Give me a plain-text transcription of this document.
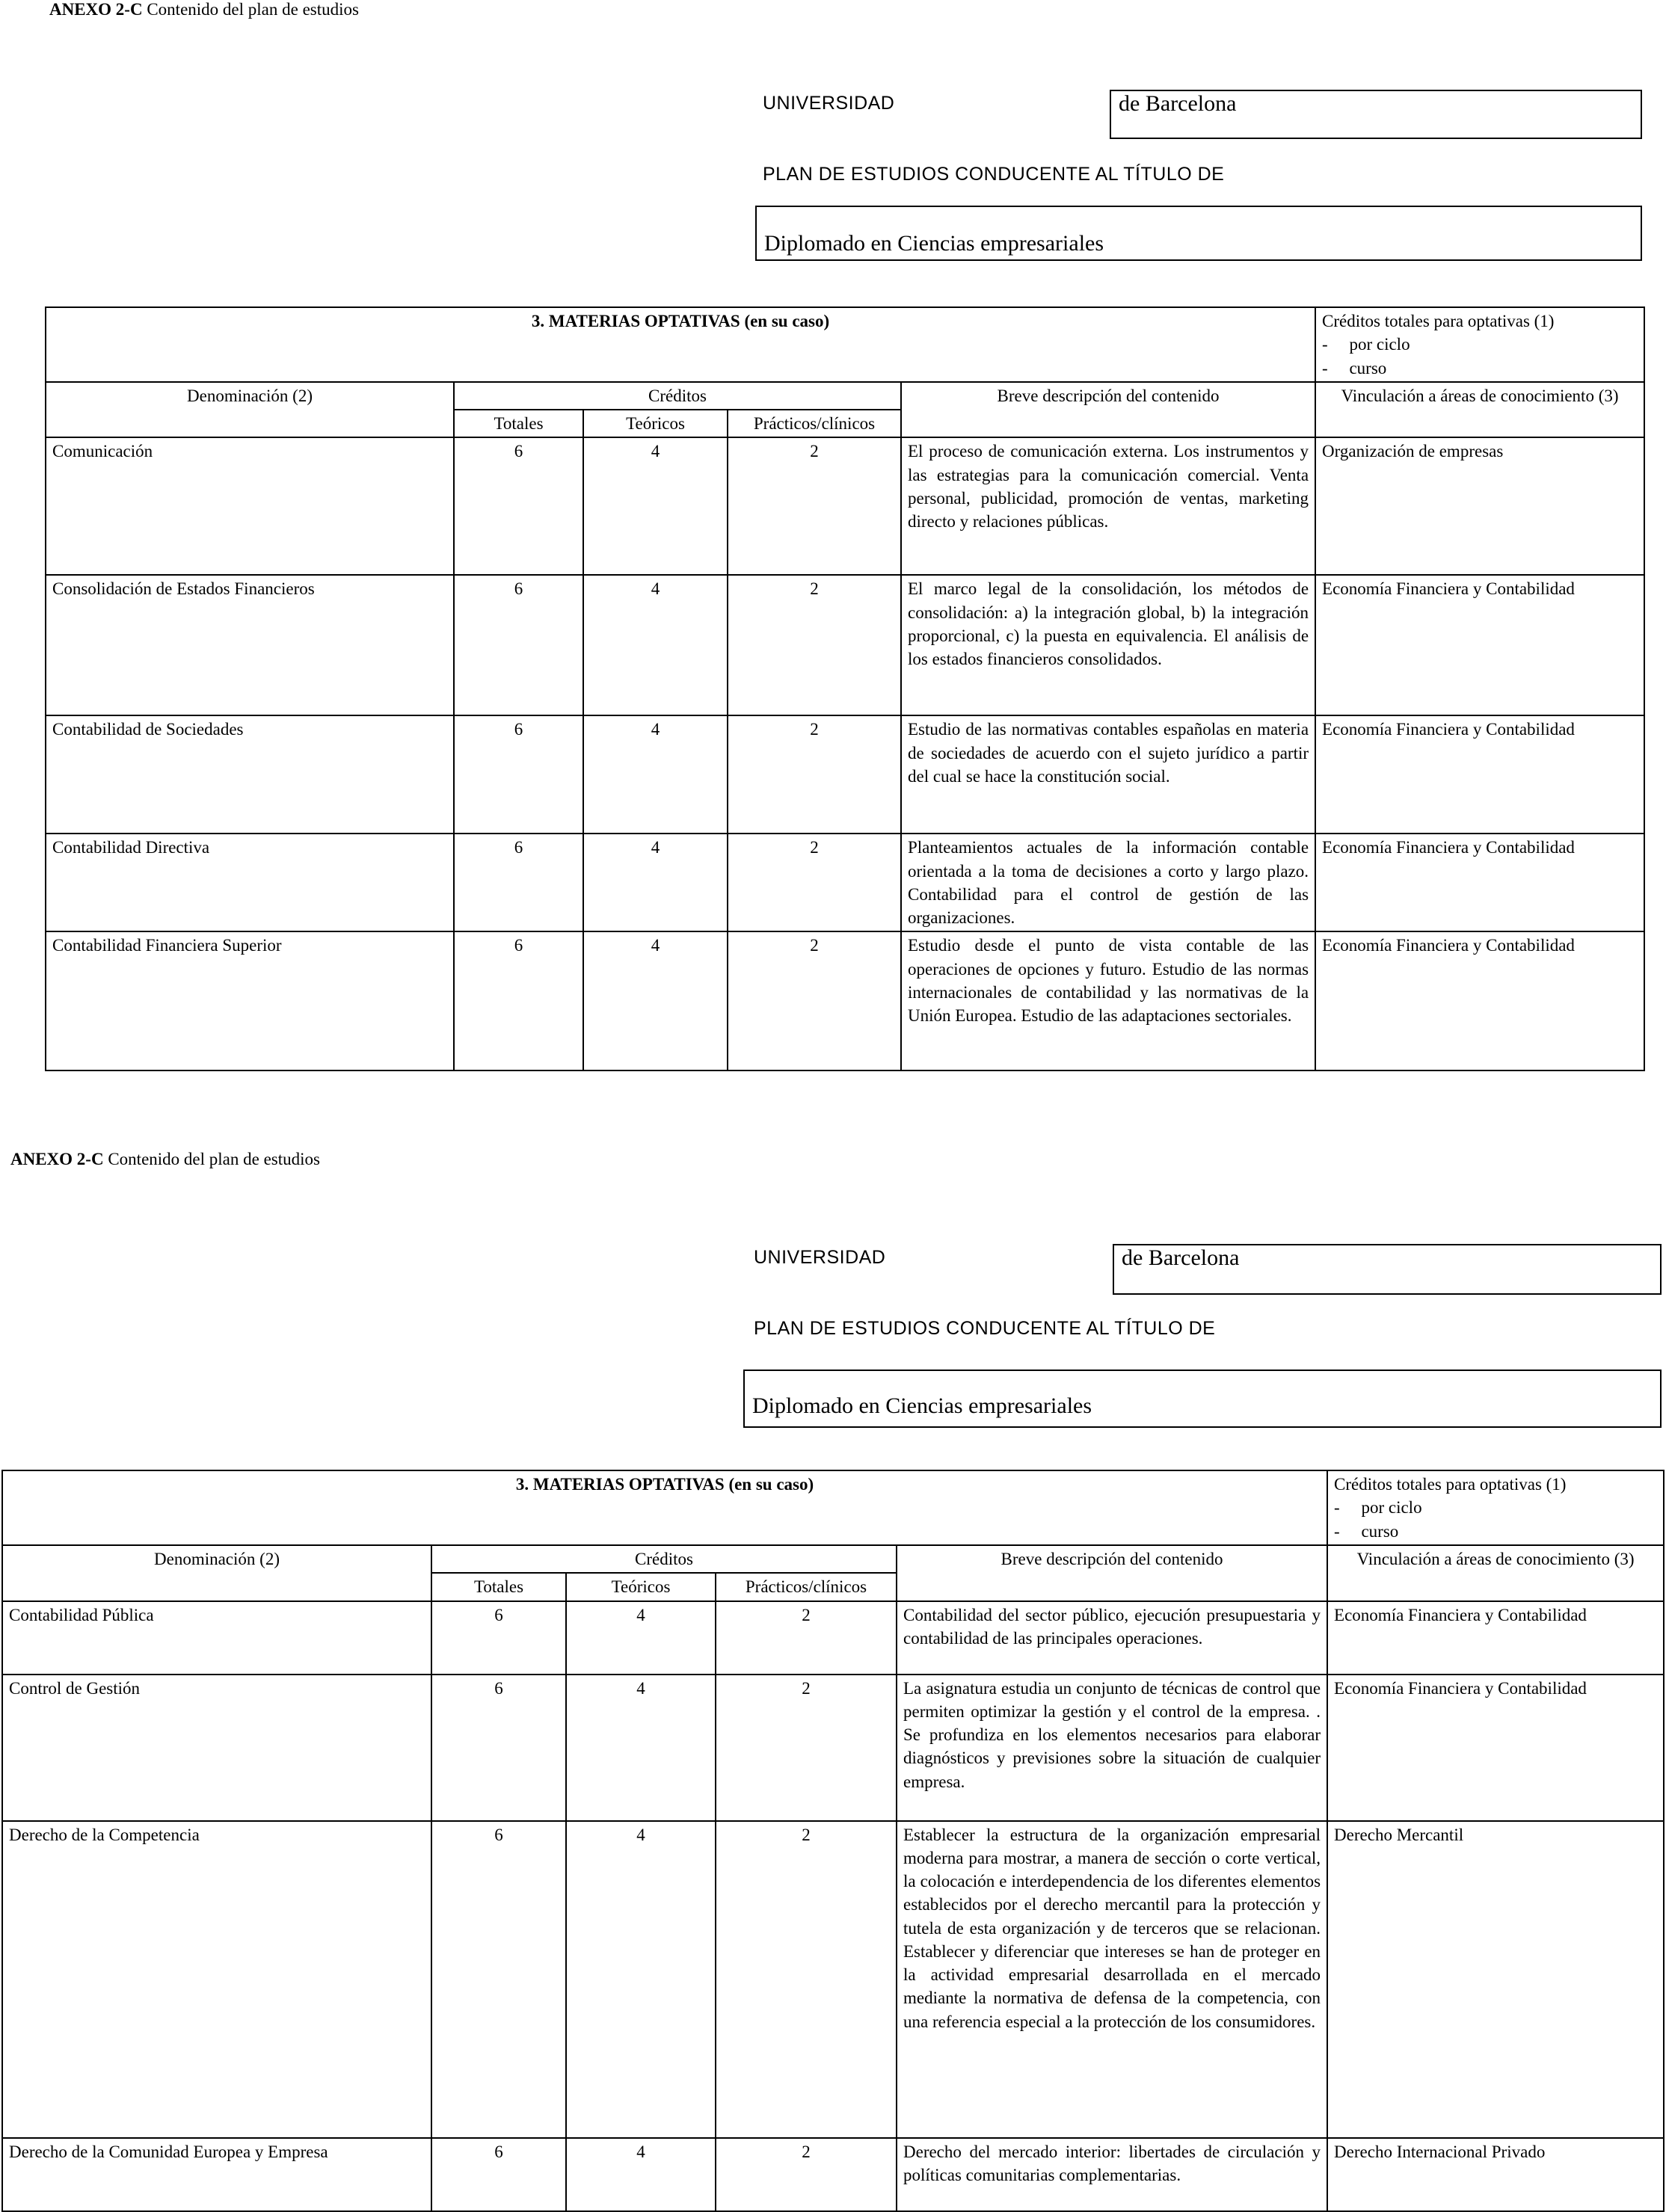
ANEXO 2-C Contenido del plan de estudios
UNIVERSIDAD	de Barcelona
PLAN DE ESTUDIOS CONDUCENTE AL TÍTULO DE
Diplomado en Ciencias empresariales
3. MATERIAS OPTATIVAS (en su caso)					Créditos totales para optativas (1)
-     por ciclo
-     curso

Denominación (2)	Créditos			Breve descripción del contenido	Vinculación a áreas de conocimiento (3)
	Totales	Teóricos	Prácticos/clínicos		
Comunicación	6	4	2	El proceso de comunicación externa. Los instrumentos y las estrategias para la comunicación comercial. Venta personal, publicidad, promoción de ventas, marketing directo y relaciones públicas.	Organización de empresas
Consolidación de Estados Financieros	6	4	2	El marco legal de la consolidación, los métodos de consolidación: a) la integración global, b) la integración proporcional, c) la puesta en equivalencia. El análisis de los estados financieros consolidados.	Economía Financiera y Contabilidad
Contabilidad de Sociedades	6	4	2	Estudio de las normativas contables españolas en materia de sociedades de acuerdo con el sujeto jurídico a partir del cual se hace la constitución social.	Economía Financiera y Contabilidad
Contabilidad Directiva	6	4	2	Planteamientos actuales de la información contable orientada a la toma de decisiones a corto y largo plazo. Contabilidad para el control de gestión de las organizaciones.	Economía Financiera y Contabilidad
Contabilidad Financiera Superior	6	4	2	Estudio desde el punto de vista contable de las operaciones de opciones y futuro. Estudio de las normas internacionales de contabilidad y las normativas de la Unión Europea. Estudio de las adaptaciones sectoriales.	Economía Financiera y Contabilidad
ANEXO 2-C Contenido del plan de estudios
UNIVERSIDAD	de Barcelona
PLAN DE ESTUDIOS CONDUCENTE AL TÍTULO DE
Diplomado en Ciencias empresariales
3. MATERIAS OPTATIVAS (en su caso)					Créditos totales para optativas (1)
-     por ciclo
-     curso

Denominación (2)	Créditos			Breve descripción del contenido	Vinculación a áreas de conocimiento (3)
	Totales	Teóricos	Prácticos/clínicos		
Contabilidad Pública	6	4	2	Contabilidad del sector público, ejecución presupuestaria y contabilidad de las principales operaciones.	Economía Financiera y Contabilidad
Control de Gestión	6	4	2	La asignatura estudia un conjunto de técnicas de control que permiten optimizar la gestión y el control de la empresa. . Se profundiza en los elementos necesarios para elaborar diagnósticos y previsiones sobre la situación de cualquier empresa.	Economía Financiera y Contabilidad
Derecho de la Competencia	6	4	2	Establecer la estructura de la organización empresarial moderna para mostrar, a manera de sección o corte vertical, la colocación e interdependencia de los diferentes elementos establecidos por el derecho mercantil para la protección y tutela de esta organización y de terceros que se relacionan. Establecer y diferenciar que intereses se han de proteger en la actividad empresarial desarrollada en el mercado mediante la normativa de defensa de la competencia, con una referencia especial a la protección de los consumidores.	Derecho Mercantil
Derecho de la Comunidad Europea y Empresa	6	4	2	Derecho del mercado interior: libertades de circulación y políticas comunitarias complementarias.	Derecho Internacional Privado
